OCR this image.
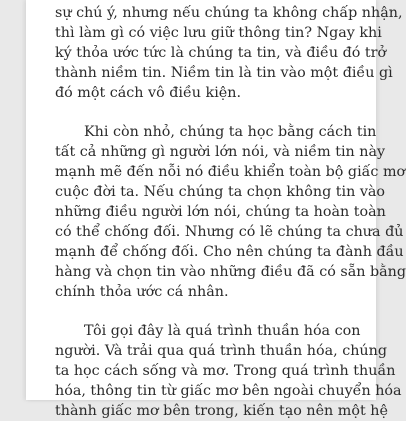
sự chú ý, nhưng nếu chúng ta không chấp nhận,
thì làm gì có việc lưu giữ thông tin? Ngay khi
ký thỏa ước tức là chúng ta tin, và điều đó trở
thành niềm tin. Niềm tin là tin vào một điều gì
đó một cách vô điều kiện.

Khi còn nhỏ, chúng ta học bằng cách tin
tất cả những gì người lớn nói, và niềm tin này
mạnh mẽ đến nỗi nó điều khiển toàn bộ giấc mơ
cuộc đời ta. Nếu chúng ta chọn không tin vào
những điều người lớn nói, chúng ta hoàn toàn
có thể chống đối. Nhưng có lẽ chúng ta chưa đủ
mạnh để chống đối. Cho nên chúng ta đành đầu
hàng và chọn tin vào những điều đã có sẵn bằng
chính thỏa ước cá nhân.

Tôi gọi đây là quá trình thuần hóa con
người. Và trải qua quá trình thuần hóa, chúng
ta học cách sống và mơ. Trong quá trình thuần
hóa, thông tin từ giấc mơ bên ngoài chuyển hóa
thành giấc mơ bên trong, kiến tạo nên một hệ
